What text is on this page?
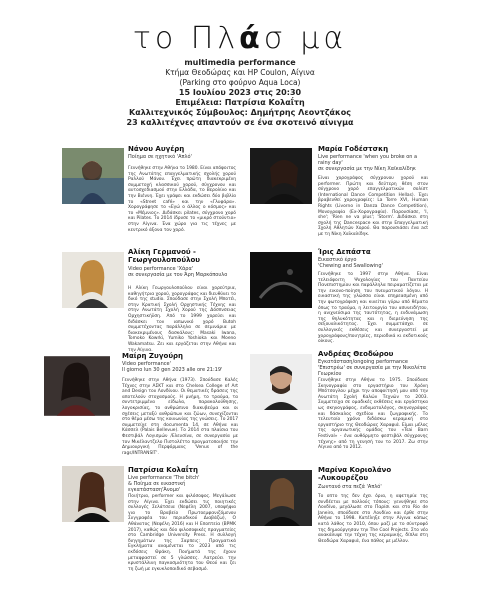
το Πλάσ μα
multimedia performance
Κτήμα Θεοδώρας και HP Coulon, Αίγινα
(Parking στο φούρνο Aqua Loca)
15 Ιουλίου 2023 στις 20:30
Επιμέλεια: Πατρίσια Κολαΐτη
Καλλιτεχνικός Σύμβουλος: Δημήτρης Λεοντζάκος
23 καλλιτέχνες απαντούν σε ένα σκοτεινό αίνιγμα
Νάνου Αυγέρη
Ποίημα σε ηχητικό 'Απλό'
Γεννήθηκε στην Αθήνα το 1980. Είναι απόφοιτος της Ανωτάτης επαγγελματικής σχολής χορού Ραλλού Μάνου. Έχει πρώτη διακεκριμένη συμμετοχή κλασσικού χορού, σύγχρονου και αυτοσχεδιασμού στην Ελλάδα, το Βερολίνο και την Βιέννη. Έχει γράψει και εκδώσει δύο βιβλία το «Street café» και την «Γλυφάρα». Χορογράφησε το «Εγώ ο άλλος ο κόσμος» και το «Μέμνιος». Διδάσκει pilates, σύγχρονο χορό και Pilates. Το 2014 ίδρυσε το «μικρό στούντιο» στην Αίγινα. Ένα χώρο για τις τέχνες με κεντρικό άξονα τον χορό.
Μαρία Γοδέστσκη
Live performance 'when you broke on a rainy day'
σε συνεργασία με την Νίκη Χαϊκαλίδηκ
Είναι χορογράφος σύγχρονου χορού και performer. Πρώτη και δεύτερη θέση στον σύγχρονο χορό επαγγελματικών σολίστ (International Dance Competition Hellas). Έχει βραβευθεί χορογραφίες: La Torre XVI, Human Rights (Livorno in Danza Dance Competition), Μονογραφία (Ex-Χορογραφία). Παρουσίασε, 'I, she'; 'Rien ne va plus'; 'Storm'. Διδάσκει στη σχολή της Dancespace και στην Επαγγελματική Σχολή Αθλητών Χορού. Θα παρουσιάσει ένα act με τη Νίκη Χαϊκαλίδηκ.
Αλίκη Γερμανού -
Γεωργουλοπούλου
Video performance 'Χάρα'
σε συνεργασία με τον Άρη Μαρκόπουλο
Η Αλίκη Γεωργουλοπούλου είναι χορεύτρια, καθηγήτρια χορού, χορογράφος και διευθύνει το δικό της studio. Σπούδασε στην Σχολή Μποτέι, στην Κρατική Σχολή Ορχηστικής Τέχνης και στην Ανωτάτη Σχολή Χορού της Δόσπνσειας Ορχηστικήϋση. Από το 1999 χορεύει και διδάσκει τον ιαπωνικό χορό Butoh συμμετέχοντας παράλληλα σε σεμινάρια με διακεκριμένους δασκάλους: Masaki Iwana, Tomoko Kowrki, Yumiko Yoshioka και Moeno Wakamatsu. Ζει και εργάζεται στην Αθήνα και την Αίγινα.
Ίρις Δεπάστα
Εικαστικό έργο
'Chewing and Swallowing'
Γεννήθηκε το 1997 στην Αθήνα. Είναι τελειόφοιτη Ψυχολογίας του Παντείου Πανεπιστημίου και παράλληλα πειραματίζεται με την εικονο-ποίηση του πνευματικού λόγου. Η εικαστική της γλώσσα είναι επηρεασμένη από την φωτογράφιση και κινείται γύρω από θέματα όπως το τραύμα, η λειτουργία του ασυνειδήτου, η ανιχνεύσιμα της ταυτότητας, η ενδυνάμωση της θηλυκότητας και η διερεύνηση της σεξουαλικότητας. Έχει συμμετάσχει σε συλλογικές εκθέσεις και συνεργαστεί με χορογράφους/ποιητρίες, περιοδικά κι εκδοτικούς οίκους.
Μαίρη Ζυγούρη
Video performance'
Il giorno lun 30 gen 2023 alle ore 21:19'
Γεννήθηκε στην Αθήνα (1973). Σπούδασε Καλές Τέχνες στην ΑΣΚΤ και στο Chelsea College of Art and Design του Λονδίνου. Οι θεματικές δράσεις της αποτελούν στοχασμούς. Η μνήμη, το τραύμα, τα συντετριμμένα είδωλα, παρακολούθησης, λογοκρισίας, το ανθρώπινο διακυβεύμα και οι σχέσεις μεταξύ ανθρώπων και ζώων, συνεχίζονται στο θέμα μέσω της κοινωνίας της γνώσεις. Το 2017 συμμετείχε στη documenta 14, σε Αθήνα και Κάσσελ (Palais Bellevue). Το 2014 στα πλαίσια του Φεστιβάλ Λογισμών /Ελευσίνα, σε συνεργασία με τον Μικέλαντζελο Πιστολέττο πραγματοποιήσε την Δημιουργική Περφόρμανς 'Venus of the rags/INTRANSIT'.
Ανδρέας Θεοδώρου
Εγκατάσταση/ongoing performance
'Επιστρέω' σε συνεργασία με την Νικολέτα Γεωρκίου
Γεννήθηκε στην Αθήνα το 1975. Σπούδασε Σκηνογραφία στο εργαστήριο του Χρόνη Μπότσογλου μέχρι την αποφοίτησή μου από την Ανωτάτη Σχολή Καλών Τεχνών το 2003. Συμμετείχα σε ομαδικές εκθέσεις και εργάστηκα ως σκηνογράφος, ενδυματολόγος, σκηνογράφος και δάσκαλος σχεδίου και ζωγραφικής. Το τελευταίο χρόνο διδάσκω κεραμική στο εργαστήριο της Θεοδώρας Χαραφιά. Είμαι μέλος της οργανωτικής ομάδας του «Tsai Barn Festival» - ένα αυθόρμητο φεστιβάλ σύγχρονης τέχνης» από τη γενησή του το 2017. Ζω στην Αίγινα από το 2012.
Πατρίσια Κολαΐτη
Live performance 'The bitch'
& Ποίημα σε εικαστική εγκατάσταση'Άνομο'
Ποιήτρια, performer και φιλόσοφος. Μεγάλωσε στην Αίγινα. Έχει εκδώσει τις ποιητικές συλλογές Σελάτσεια (Νεφέλη 2007, υποψήφια για το Βραβείο Πρωτοεμφανιζόμενου Συγγραφέα του περιοδικού Διαβάζω), Ο Αθάνατος (Νεφέλη 2016) και Η Εποπτεία (ΒΡΜΚ 2017), καθώς και δύο φιλοσοφικές πραγματείες στο Cambridge University Press. Η συλλογή διηγημάτων της Σαρπεις: Πραγματικά Εγκλήματα αναμένεται το 2023 από τις εκδόσεις Θράκη. Ποιήματά της έχουν μεταφραστεί σε 5 γλώσσες. Λατρεύει την κρυστάλλινη παγκοσμιότητα του Θεού και ζει τη ζωή με εγκυκλοπαιδικό σεβασμό.
Μαρίνα Κοριολάνο
-Λυκουρέζου
Ζωντανό στα πεζά 'Απλό'
Το οπτο της δεν έχει όρια, η αφετηρία της συνδέεται με πολλούς τόπους: γεννήθηκε στο Λονδίνο, μεγάλωσε στο Παρίσι και στο Rio de Janeiro, σπούδασε στο Λονδίνο και έρθε στην Αθήνα το 1998. Κατέληξε στην Αίγινα κάπως κατά λάθος το 2010, όπου μαζί με το σύντροφό της δημιούργησαν την The Cool Projects. Στο νέο ανακάλυψε την τέχνη της κεραμικής, δίπλα στη Θεοδώρα Χαραφιά, ένα πάθος με μέλλον.
